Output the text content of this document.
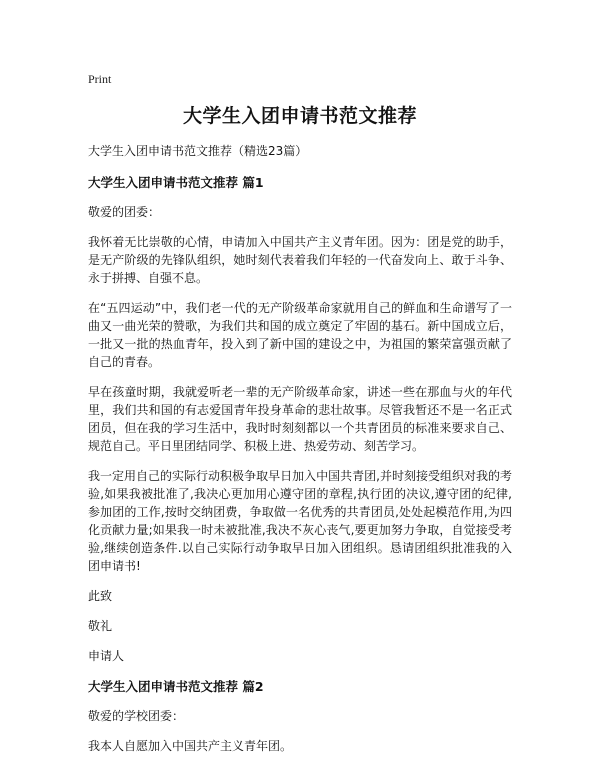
Print
大学生入团申请书范文推荐
大学生入团申请书范文推荐（精选23篇）
大学生入团申请书范文推荐 篇1

敬爱的团委：

我怀着无比崇敬的心情，申请加入中国共产主义青年团。因为：团是党的助手，是无产阶级的先锋队组织，她时刻代表着我们年轻的一代奋发向上、敢于斗争、永于拼搏、自强不息。

在“五四运动”中，我们老一代的无产阶级革命家就用自己的鲜血和生命谱写了一曲又一曲光荣的赞歌，为我们共和国的成立奠定了牢固的基石。新中国成立后，一批又一批的热血青年，投入到了新中国的建设之中，为祖国的繁荣富强贡献了自己的青春。

早在孩童时期，我就爱听老一辈的无产阶级革命家，讲述一些在那血与火的年代里，我们共和国的有志爱国青年投身革命的悲壮故事。尽管我暂还不是一名正式团员，但在我的学习生活中，我时时刻刻都以一个共青团员的标准来要求自己、规范自己。平日里团结同学、积极上进、热爱劳动、刻苦学习。

我一定用自己的实际行动积极争取早日加入中国共青团,并时刻接受组织对我的考验,如果我被批准了,我决心更加用心遵守团的章程,执行团的决议,遵守团的纪律,参加团的工作,按时交纳团费，争取做一名优秀的共青团员,处处起模范作用,为四化贡献力量;如果我一时未被批准,我决不灰心丧气,要更加努力争取，自觉接受考验,继续创造条件.以自己实际行动争取早日加入团组织。恳请团组织批准我的入团申请书!

此致

敬礼

申请人

大学生入团申请书范文推荐 篇2

敬爱的学校团委：

我本人自愿加入中国共产主义青年团。
